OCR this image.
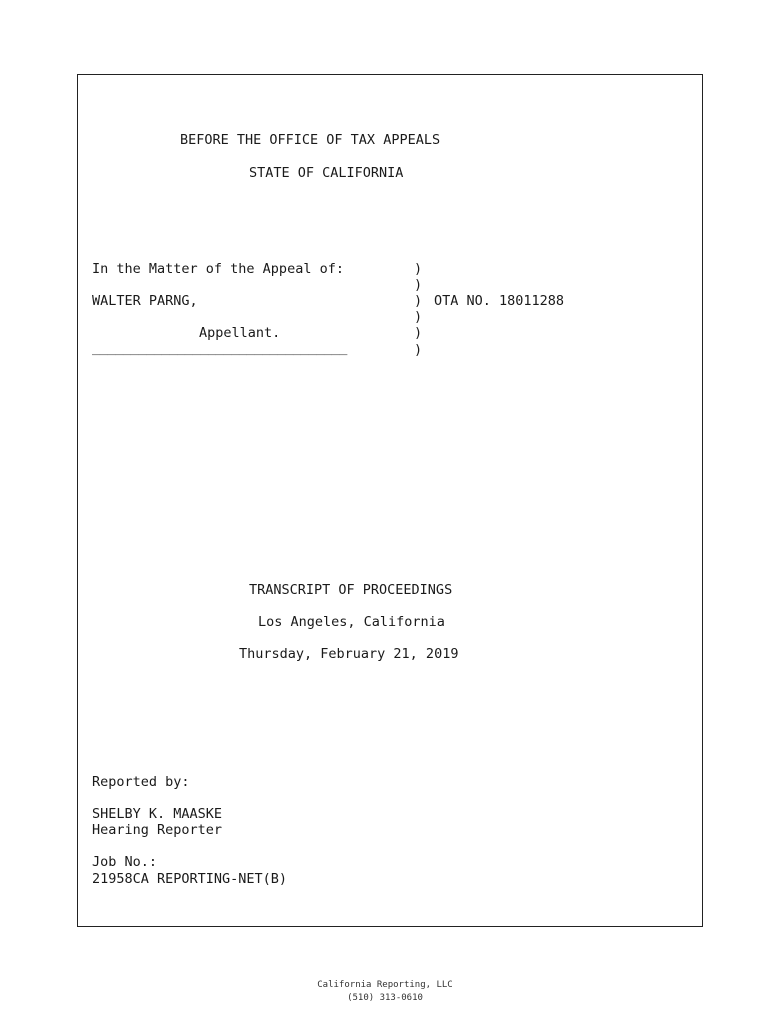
BEFORE THE OFFICE OF TAX APPEALS
STATE OF CALIFORNIA
In the Matter of the Appeal of:	)
)
WALTER PARNG,	) OTA NO. 18011288
)
Appellant.	)
_________________________________	)
TRANSCRIPT OF PROCEEDINGS
Los Angeles, California
Thursday, February 21, 2019
Reported by:
SHELBY K. MAASKE
Hearing Reporter
Job No.:
21958CA REPORTING-NET(B)
California Reporting, LLC
(510) 313-0610
